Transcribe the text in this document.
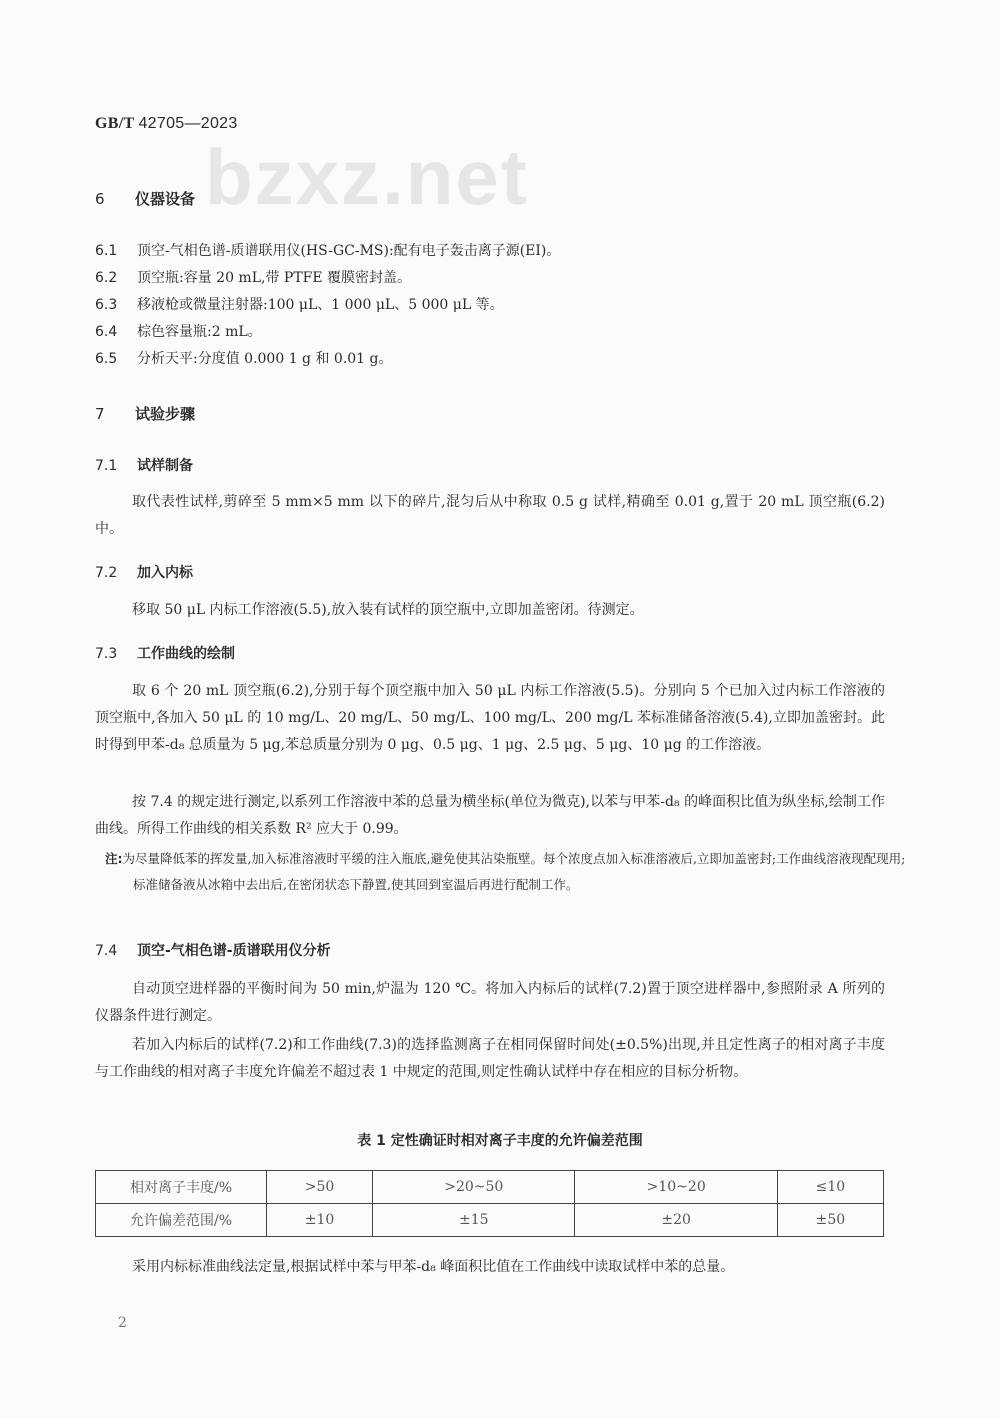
bzxz.net
GB/T 42705—2023
6 仪器设备
6.1 顶空-气相色谱-质谱联用仪(HS-GC-MS):配有电子轰击离子源(EI)。
6.2 顶空瓶:容量 20 mL,带 PTFE 覆膜密封盖。
6.3 移液枪或微量注射器:100 μL、1 000 μL、5 000 μL 等。
6.4 棕色容量瓶:2 mL。
6.5 分析天平:分度值 0.000 1 g 和 0.01 g。
7 试验步骤
7.1 试样制备
取代表性试样,剪碎至 5 mm×5 mm 以下的碎片,混匀后从中称取 0.5 g 试样,精确至 0.01 g,置于 20 mL 顶空瓶(6.2)中。
7.2 加入内标
移取 50 μL 内标工作溶液(5.5),放入装有试样的顶空瓶中,立即加盖密闭。待测定。
7.3 工作曲线的绘制
取 6 个 20 mL 顶空瓶(6.2),分别于每个顶空瓶中加入 50 μL 内标工作溶液(5.5)。分别向 5 个已加入过内标工作溶液的顶空瓶中,各加入 50 μL 的 10 mg/L、20 mg/L、50 mg/L、100 mg/L、200 mg/L 苯标准储备溶液(5.4),立即加盖密封。此时得到甲苯-d₈ 总质量为 5 μg,苯总质量分别为 0 μg、0.5 μg、1 μg、2.5 μg、5 μg、10 μg 的工作溶液。
按 7.4 的规定进行测定,以系列工作溶液中苯的总量为横坐标(单位为微克),以苯与甲苯-d₈ 的峰面积比值为纵坐标,绘制工作曲线。所得工作曲线的相关系数 R² 应大于 0.99。
注:为尽量降低苯的挥发量,加入标准溶液时平缓的注入瓶底,避免使其沾染瓶壁。每个浓度点加入标准溶液后,立即加盖密封;工作曲线溶液现配现用;标准储备液从冰箱中去出后,在密闭状态下静置,使其回到室温后再进行配制工作。
7.4 顶空-气相色谱-质谱联用仪分析
自动顶空进样器的平衡时间为 50 min,炉温为 120 ℃。将加入内标后的试样(7.2)置于顶空进样器中,参照附录 A 所列的仪器条件进行测定。
若加入内标后的试样(7.2)和工作曲线(7.3)的选择监测离子在相同保留时间处(±0.5%)出现,并且定性离子的相对离子丰度与工作曲线的相对离子丰度允许偏差不超过表 1 中规定的范围,则定性确认试样中存在相应的目标分析物。
表 1 定性确证时相对离子丰度的允许偏差范围
相对离子丰度/%	>50	>20~50	>10~20	≤10
允许偏差范围/%	±10	±15	±20	±50
采用内标标准曲线法定量,根据试样中苯与甲苯-d₈ 峰面积比值在工作曲线中读取试样中苯的总量。
2
